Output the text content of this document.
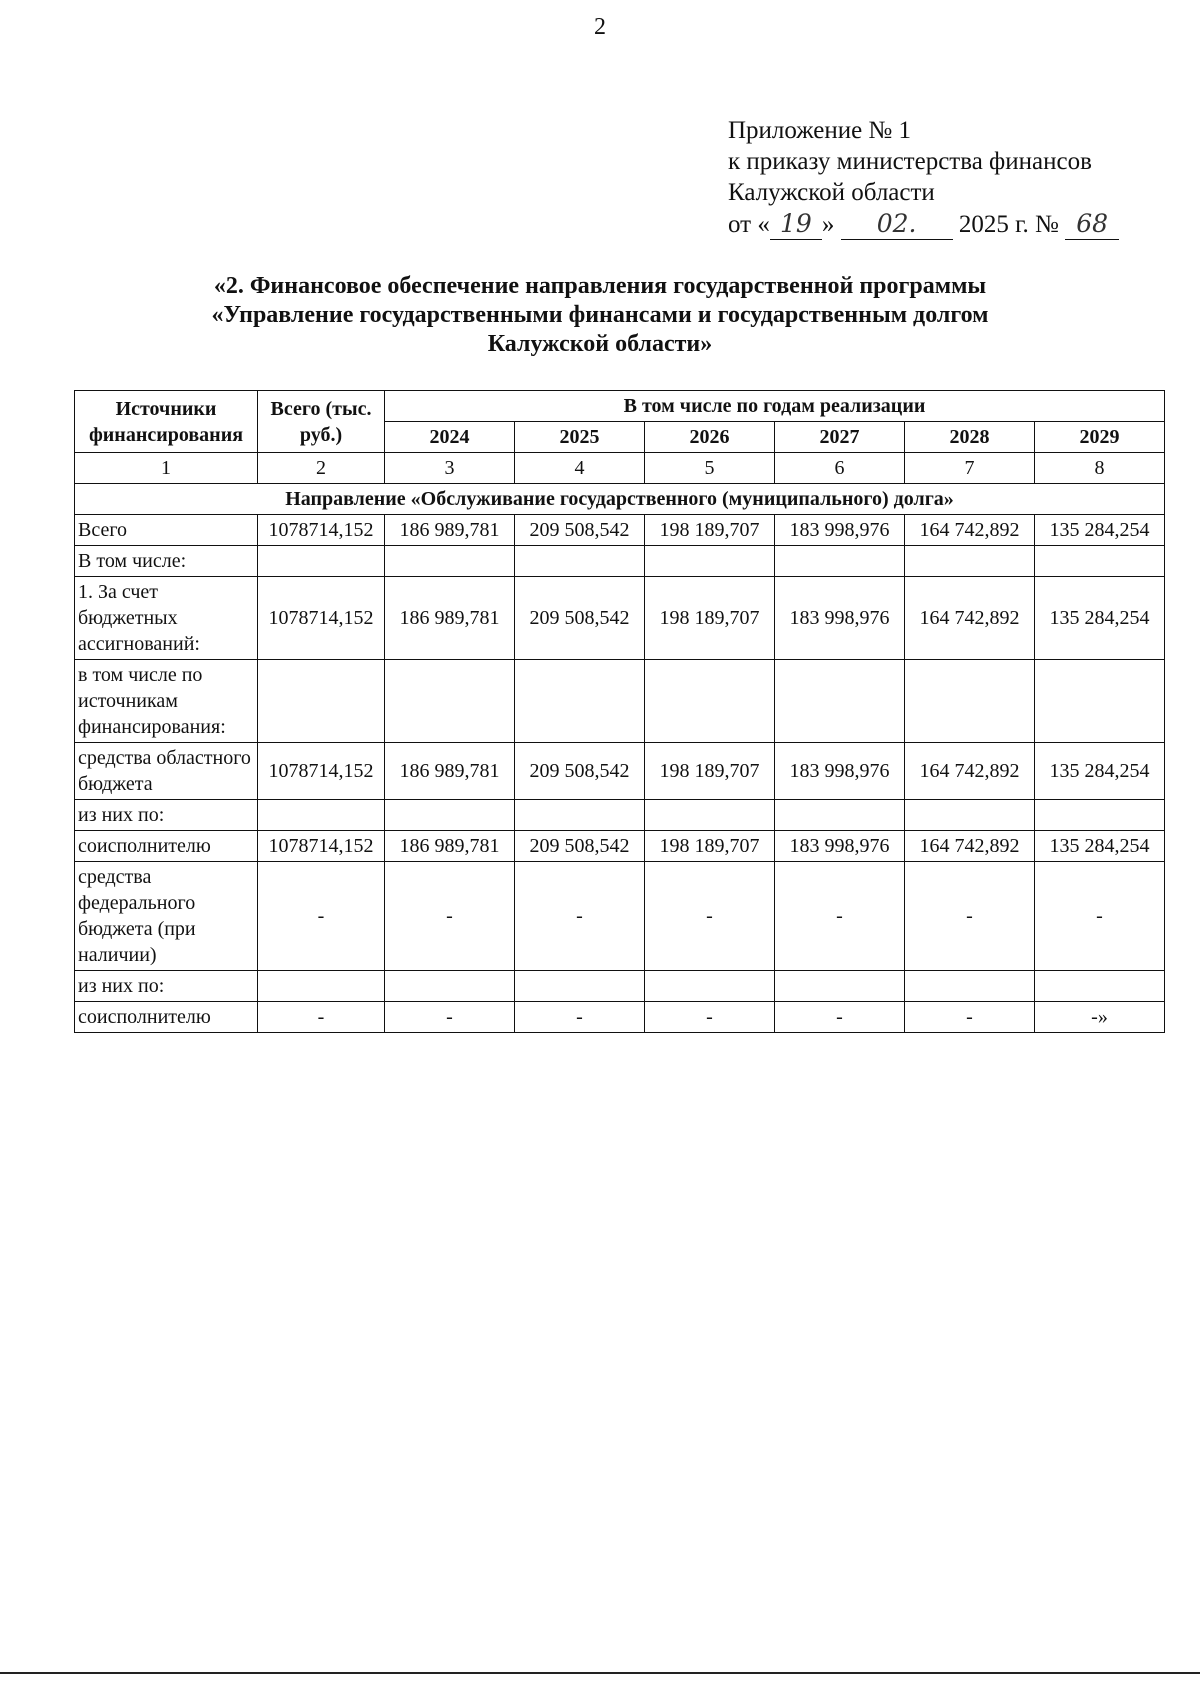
2
Приложение № 1
к приказу министерства финансов
Калужской области
от « 19 » 02. 2025 г. № 68
«2. Финансовое обеспечение направления государственной программы
«Управление государственными финансами и государственным долгом
Калужской области»
Источники финансирования	Всего (тыс. руб.)	В том числе по годам реализации					
		2024	2025	2026	2027	2028	2029
1	2	3	4	5	6	7	8
Направление «Обслуживание государственного (муниципального) долга»							
Всего	1078714,152	186 989,781	209 508,542	198 189,707	183 998,976	164 742,892	135 284,254
В том числе:							
1. За счет бюджетных ассигнований:	1078714,152	186 989,781	209 508,542	198 189,707	183 998,976	164 742,892	135 284,254
в том числе по источникам финансирования:							
средства областного бюджета	1078714,152	186 989,781	209 508,542	198 189,707	183 998,976	164 742,892	135 284,254
из них по:							
соисполнителю	1078714,152	186 989,781	209 508,542	198 189,707	183 998,976	164 742,892	135 284,254
средства федерального бюджета (при наличии)	-	-	-	-	-	-	-
из них по:							
соисполнителю	-	-	-	-	-	-	-»
